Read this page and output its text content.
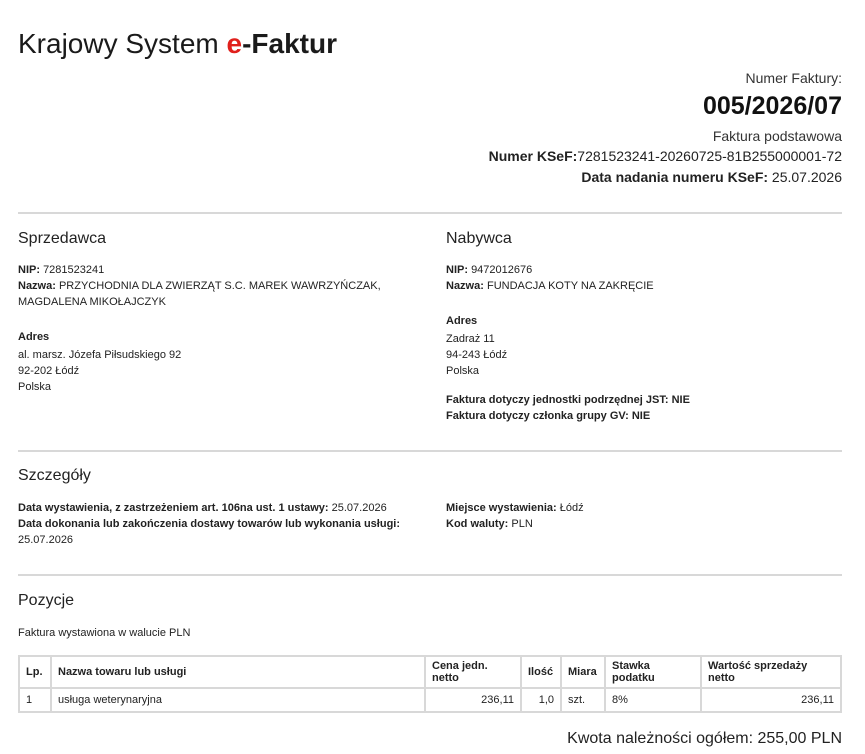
Krajowy System e-Faktur
Numer Faktury:
005/2026/07
Faktura podstawowa
Numer KSeF:7281523241-20260725-81B255000001-72
Data nadania numeru KSeF: 25.07.2026
Sprzedawca
NIP: 7281523241
Nazwa: PRZYCHODNIA DLA ZWIERZĄT S.C. MAREK WAWRZYŃCZAK,
MAGDALENA MIKOŁAJCZYK
Adres
al. marsz. Józefa Piłsudskiego 92
92-202 Łódź
Polska
Nabywca
NIP: 9472012676
Nazwa: FUNDACJA KOTY NA ZAKRĘCIE
Adres
Zadraż 11
94-243 Łódź
Polska
Faktura dotyczy jednostki podrzędnej JST: NIE
Faktura dotyczy członka grupy GV: NIE
Szczegóły
Data wystawienia, z zastrzeżeniem art. 106na ust. 1 ustawy: 25.07.2026
Data dokonania lub zakończenia dostawy towarów lub wykonania usługi:
25.07.2026
Miejsce wystawienia: Łódź
Kod waluty: PLN
Pozycje
Faktura wystawiona w walucie PLN
Lp.	Nazwa towaru lub usługi	Cena jedn. netto	Ilość	Miara	Stawka podatku	Wartość sprzedaży netto
1	usługa weterynaryjna	236,11	1,0	szt.	8%	236,11
Kwota należności ogółem: 255,00 PLN
